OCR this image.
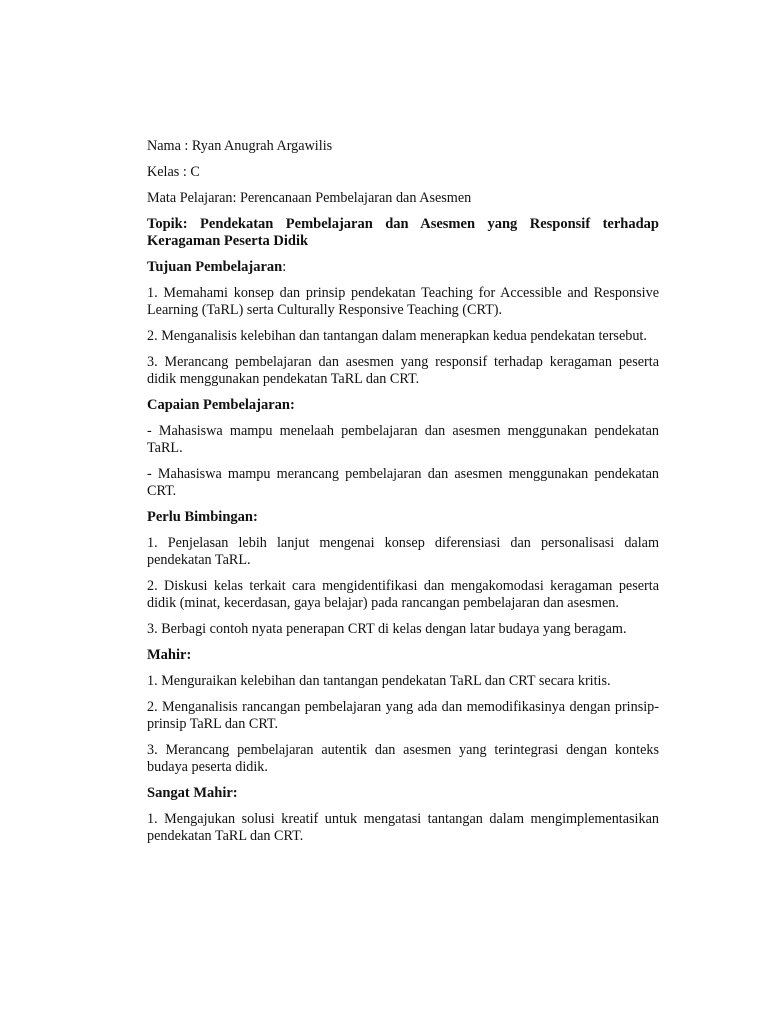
Nama : Ryan Anugrah Argawilis

Kelas : C

Mata Pelajaran: Perencanaan Pembelajaran dan Asesmen

Topik: Pendekatan Pembelajaran dan Asesmen yang Responsif terhadap Keragaman Peserta Didik

Tujuan Pembelajaran:

1. Memahami konsep dan prinsip pendekatan Teaching for Accessible and Responsive Learning (TaRL) serta Culturally Responsive Teaching (CRT).

2. Menganalisis kelebihan dan tantangan dalam menerapkan kedua pendekatan tersebut.

3. Merancang pembelajaran dan asesmen yang responsif terhadap keragaman peserta didik menggunakan pendekatan TaRL dan CRT.

Capaian Pembelajaran:

- Mahasiswa mampu menelaah pembelajaran dan asesmen menggunakan pendekatan TaRL.

- Mahasiswa mampu merancang pembelajaran dan asesmen menggunakan pendekatan CRT.

Perlu Bimbingan:

1. Penjelasan lebih lanjut mengenai konsep diferensiasi dan personalisasi dalam pendekatan TaRL.

2. Diskusi kelas terkait cara mengidentifikasi dan mengakomodasi keragaman peserta didik (minat, kecerdasan, gaya belajar) pada rancangan pembelajaran dan asesmen.

3. Berbagi contoh nyata penerapan CRT di kelas dengan latar budaya yang beragam.

Mahir:

1. Menguraikan kelebihan dan tantangan pendekatan TaRL dan CRT secara kritis.

2. Menganalisis rancangan pembelajaran yang ada dan memodifikasinya dengan prinsip-prinsip TaRL dan CRT.

3. Merancang pembelajaran autentik dan asesmen yang terintegrasi dengan konteks budaya peserta didik.

Sangat Mahir:

1. Mengajukan solusi kreatif untuk mengatasi tantangan dalam mengimplementasikan pendekatan TaRL dan CRT.
